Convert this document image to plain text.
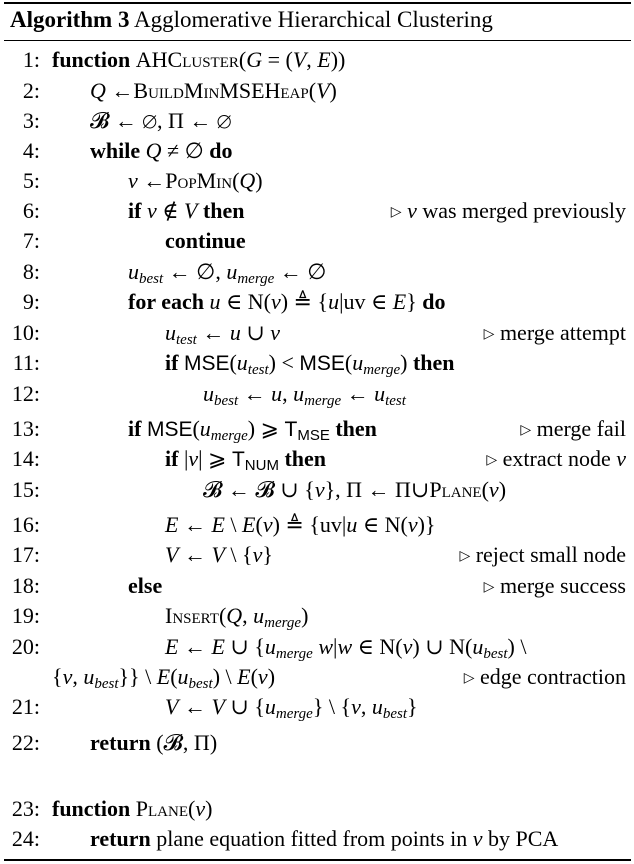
Algorithm 3 Agglomerative Hierarchical Clustering
1: function AHCluster(G = (V, E))
2: Q ←BuildMinMSEHeap(V)
3: 𝓑 ← ∅, Π ← ∅
4: while Q ≠ ∅ do
5:	v ←PopMin(Q)
6:	if v ∉ V then	▷ v was merged previously
7:	continue
8:	$u_{best}$ ← ∅, $u_{merge}$ ← ∅
9:	for each u ∈ N(v) ≜ {u|uv ∈ E} do
10:	$u_{test}$ ← u ∪ v	▷ merge attempt
11:	if $MSE(u_{test}) < MSE(u_{merge})$ then
12:	$u_{best}$ ← u, $u_{merge}$ ← $u_{test}$
13:	if $MSE(u_{merge})$ ⩾ TMSE then	▷ merge fail
14:	if |v| ⩾ TNUM then	▷ extract node v
15:	𝓑 ← 𝓑 ∪ {v}, Π ← Π∪Plane(v)
16:	E ← E \ E(v) ≜ {uv|u ∈ N(v)}
17:	V ← V \ {v}	▷ reject small node
18:	else	▷ merge success
19:	Insert(Q, $u_{merge}$)
20:	E ← E ∪ {$u_{merge}$ w|w ∈ N(v) ∪ $N(u_{best})$ \
{v, $u_{best}$}} \ $E(u_{best})$ \ E(v)	▷ edge contraction
21:	V ← V ∪ $\{u_{merge}\}$ \ {v, $u_{best}$}
22: return (𝓑, Π)
23: function Plane(v)
24: return plane equation fitted from points in v by PCA
